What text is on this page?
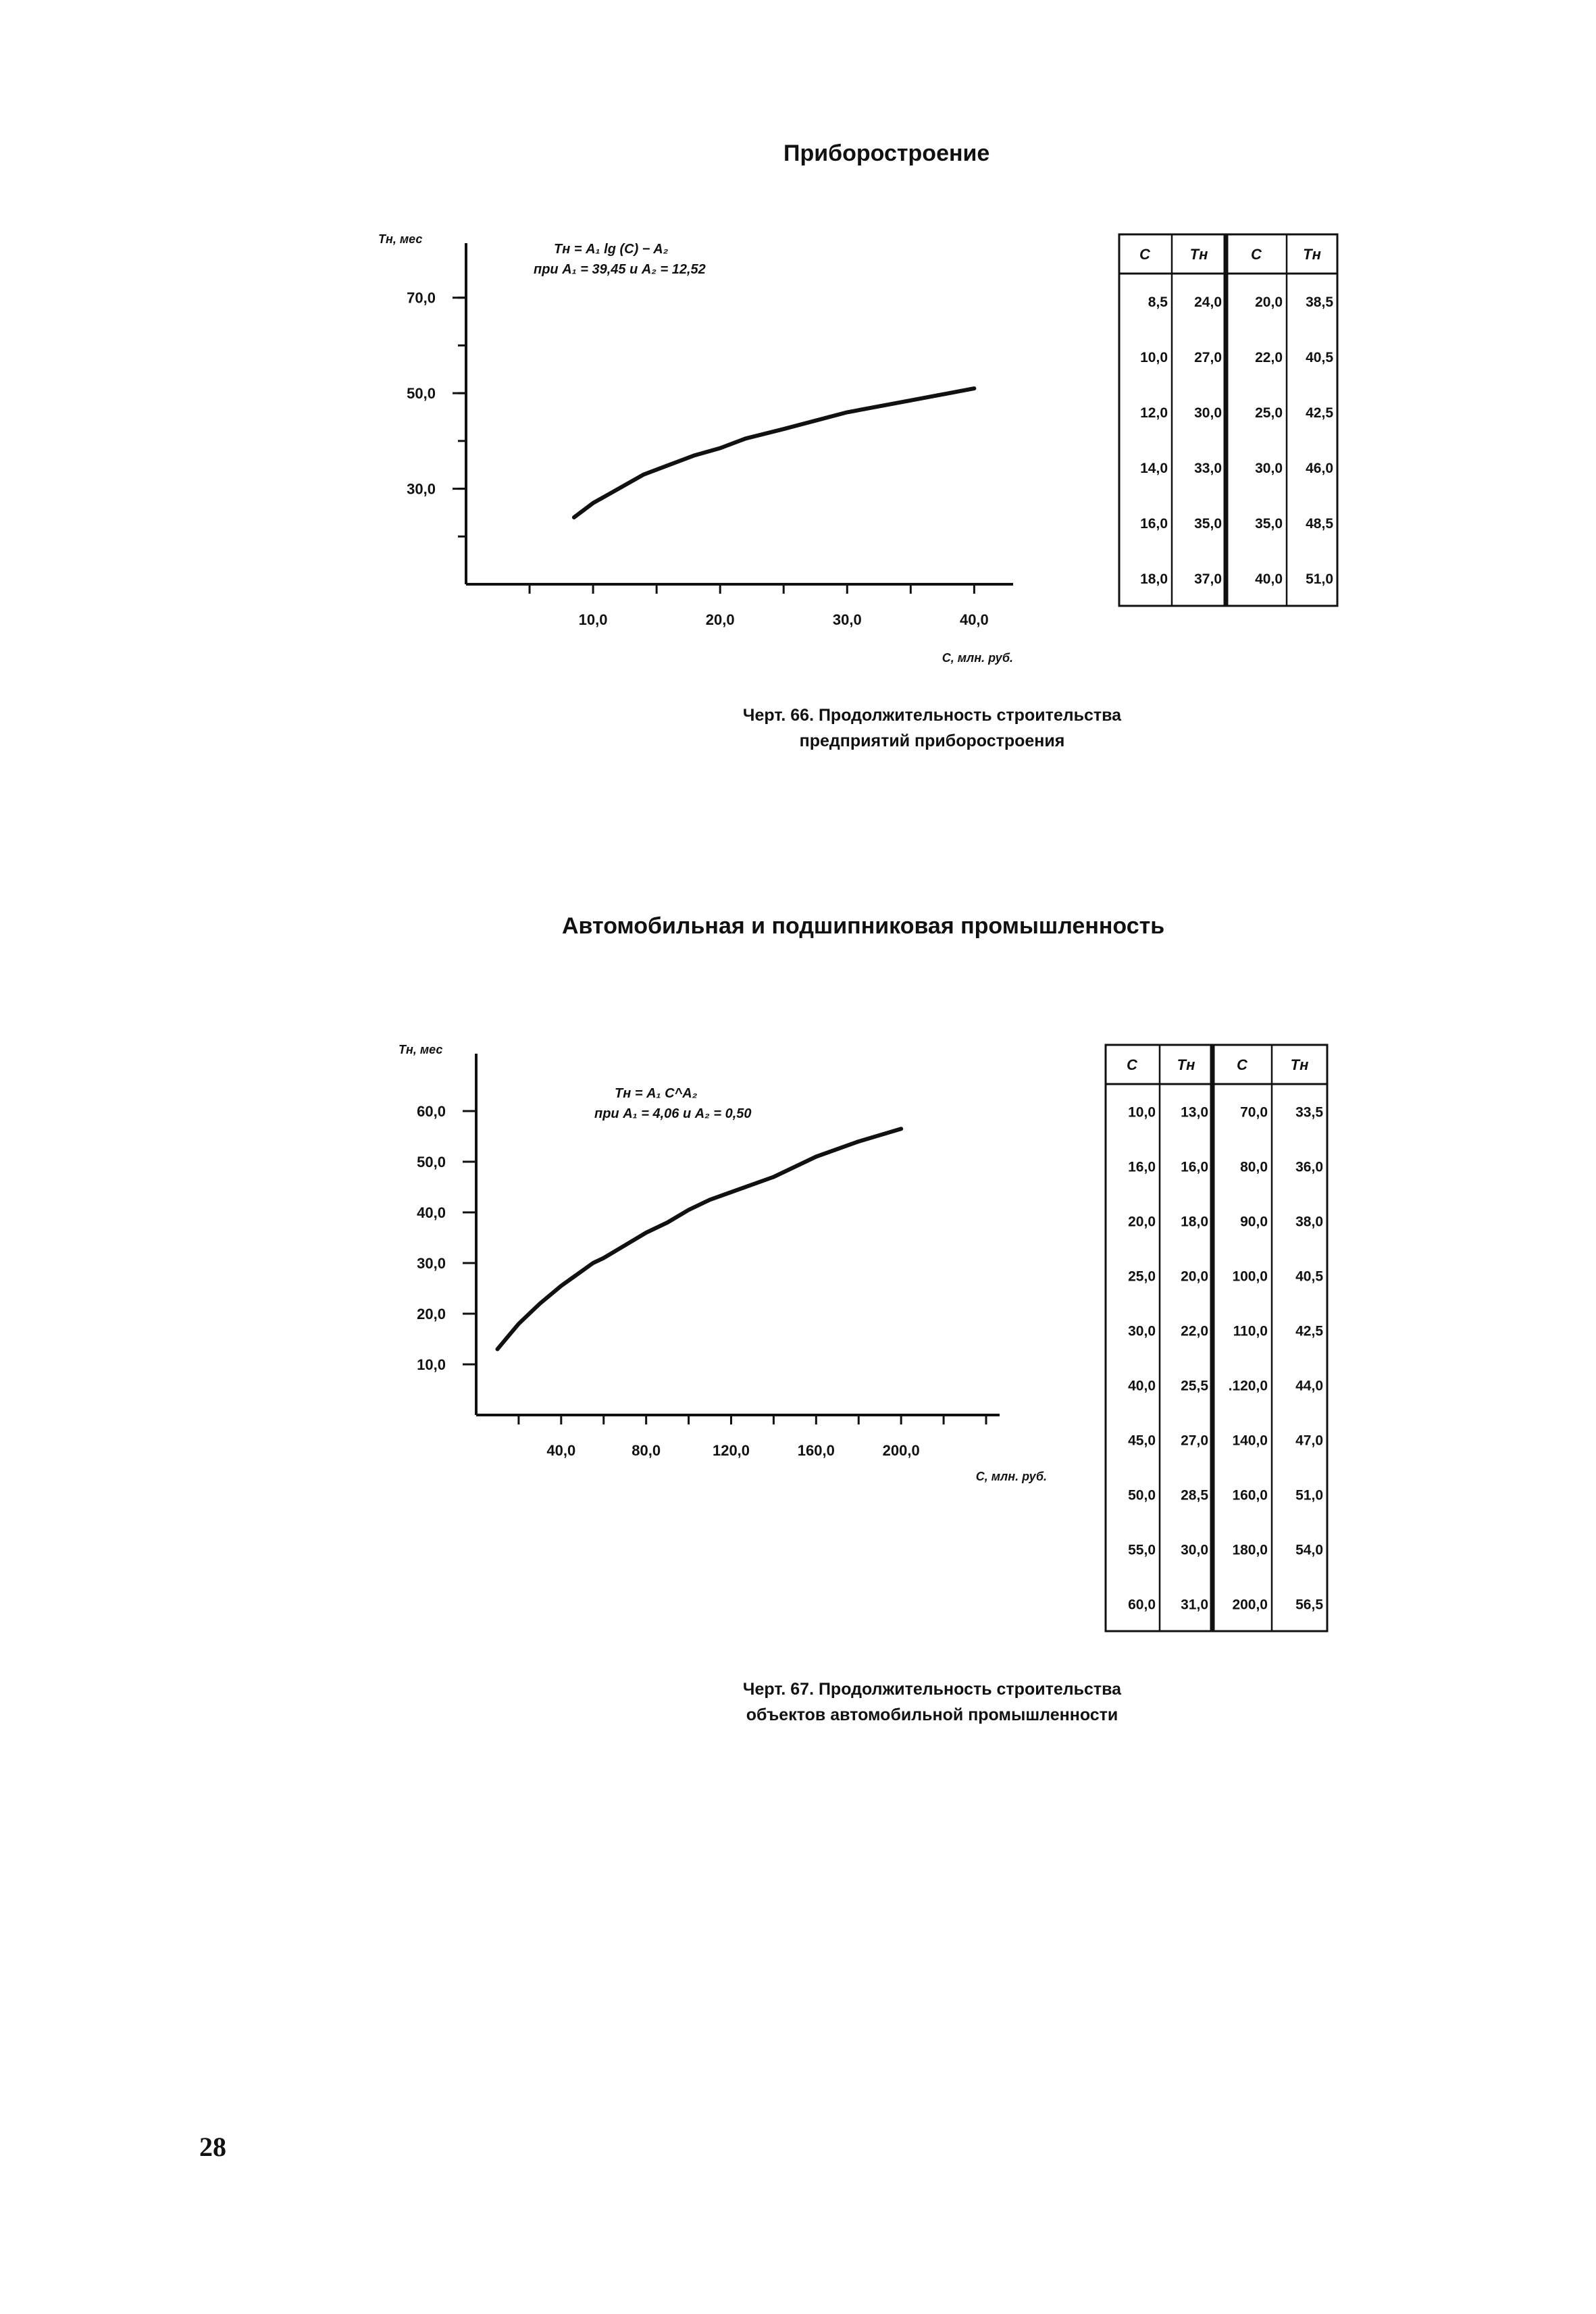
Приборостроение
Тн, мес
10,0	20,0	30,0	40,0
С, млн. руб.
30,0
50,0
70,0
Тн = A₁ lg (C) − A₂
при A₁ = 39,45 и A₂ = 12,52
C	Тн	C	Тн
8,5 24,0 20,0 38,5
10,0 27,0 22,0 40,5
12,0 30,0 25,0 42,5
14,0 33,0 30,0 46,0
16,0 35,0 35,0 48,5
18,0 37,0 40,0 51,0
Черт. 66. Продолжительность строительства
предприятий приборостроения
Автомобильная и подшипниковая промышленность
Тн, мес
40,0	80,0	120,0	160,0	200,0
С, млн. руб.
10,0
20,0
30,0
40,0
50,0
60,0
Тн = A₁ C^A₂
при A₁ = 4,06 и A₂ = 0,50
C	Тн	C	Тн
10,0 13,0 70,0 33,5
16,0 16,0 80,0 36,0
20,0 18,0 90,0 38,0
25,0 20,0 100,0 40,5
30,0 22,0 110,0 42,5
40,0 25,5 .120,0 44,0
45,0 27,0 140,0 47,0
50,0 28,5 160,0 51,0
55,0 30,0 180,0 54,0
60,0 31,0 200,0 56,5
Черт. 67. Продолжительность строительства
объектов автомобильной промышленности
28
